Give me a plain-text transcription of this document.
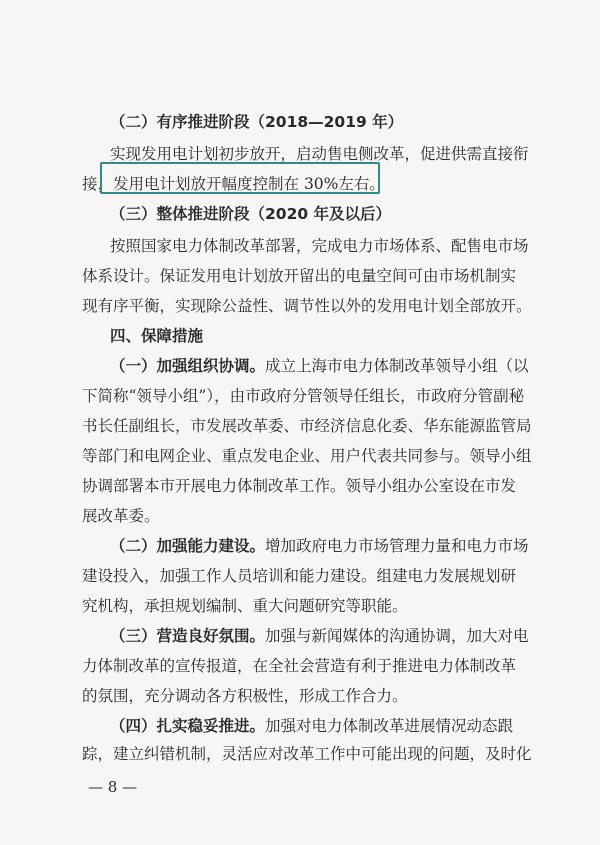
（二）有序推进阶段（2018—2019 年）
实现发用电计划初步放开，启动售电侧改革，促进供需直接衔
接，发用电计划放开幅度控制在 30%左右。
（三）整体推进阶段（2020 年及以后）
按照国家电力体制改革部署，完成电力市场体系、配售电市场
体系设计。保证发用电计划放开留出的电量空间可由市场机制实
现有序平衡，实现除公益性、调节性以外的发用电计划全部放开。
四、保障措施
（一）加强组织协调。成立上海市电力体制改革领导小组（以
下简称“领导小组”），由市政府分管领导任组长，市政府分管副秘
书长任副组长，市发展改革委、市经济信息化委、华东能源监管局
等部门和电网企业、重点发电企业、用户代表共同参与。领导小组
协调部署本市开展电力体制改革工作。领导小组办公室设在市发
展改革委。
（二）加强能力建设。增加政府电力市场管理力量和电力市场
建设投入，加强工作人员培训和能力建设。组建电力发展规划研
究机构，承担规划编制、重大问题研究等职能。
（三）营造良好氛围。加强与新闻媒体的沟通协调，加大对电
力体制改革的宣传报道，在全社会营造有利于推进电力体制改革
的氛围，充分调动各方积极性，形成工作合力。
（四）扎实稳妥推进。加强对电力体制改革进展情况动态跟
踪，建立纠错机制，灵活应对改革工作中可能出现的问题，及时化
— 8 —
